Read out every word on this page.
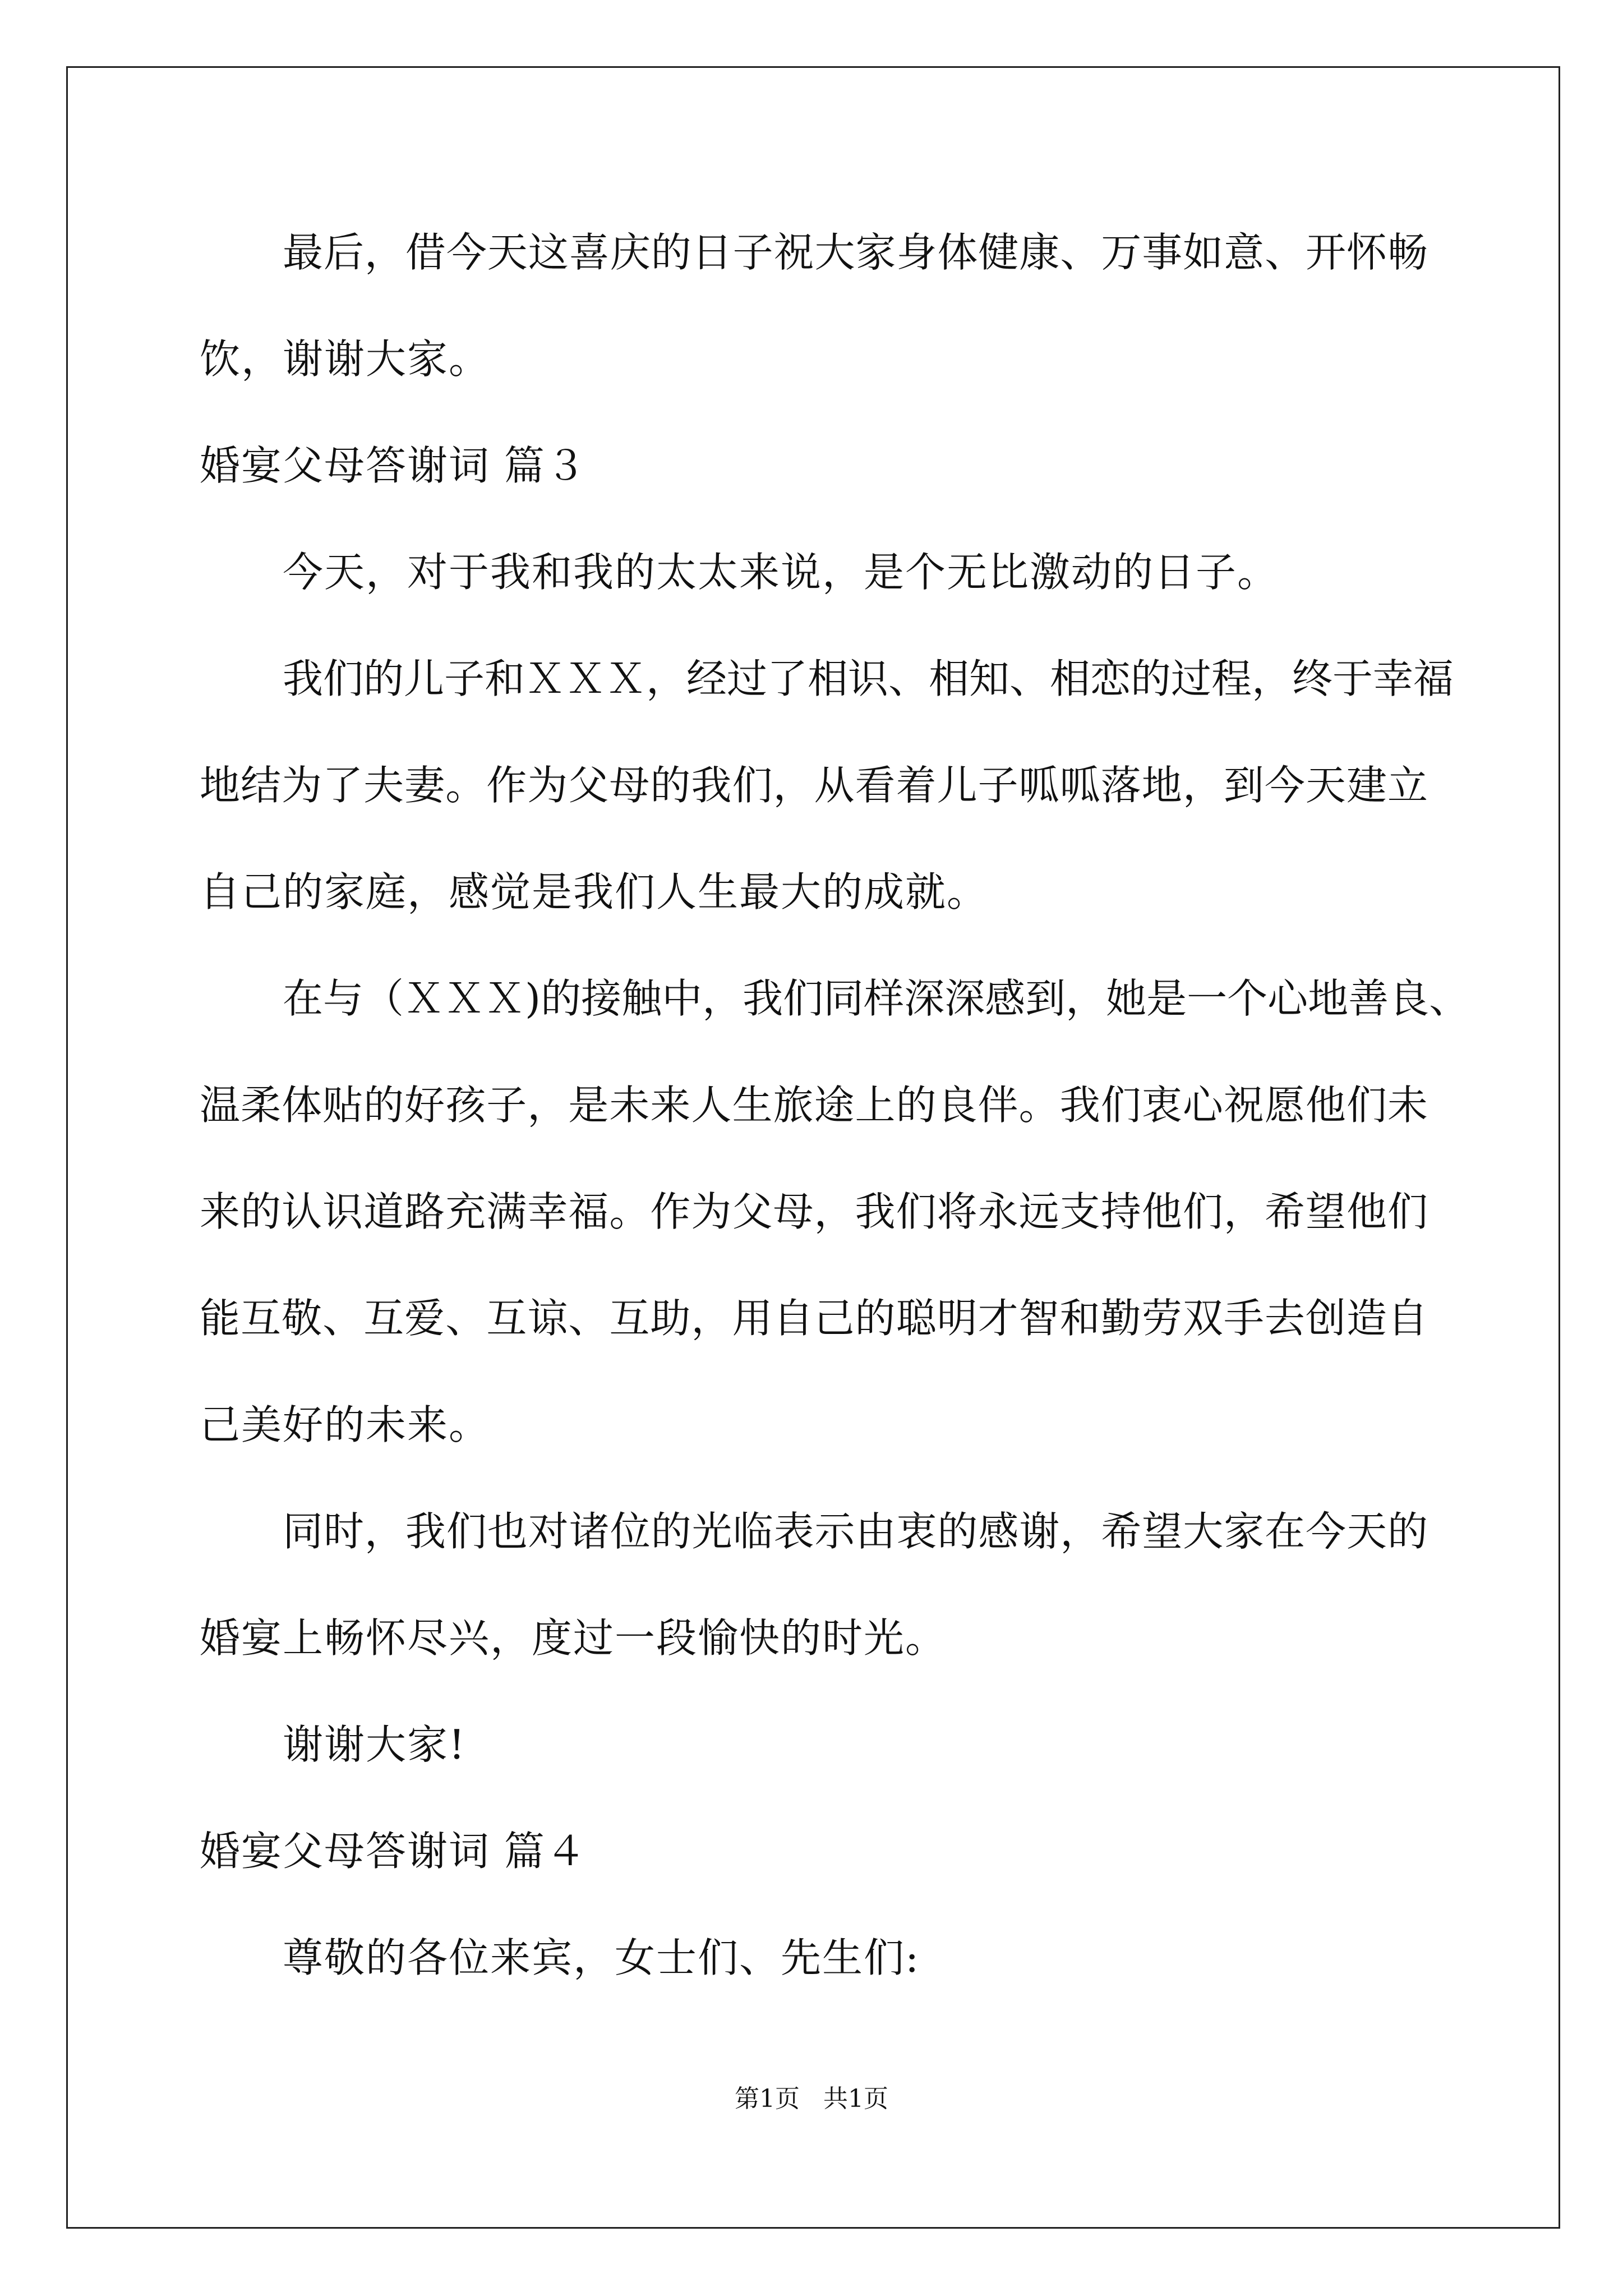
最后，借今天这喜庆的日子祝大家身体健康、万事如意、开怀畅
饮，谢谢大家。
婚宴父母答谢词 篇３
今天，对于我和我的太太来说，是个无比激动的日子。
我们的儿子和ＸＸＸ，经过了相识、相知、相恋的过程，终于幸福
地结为了夫妻。作为父母的我们，从看着儿子呱呱落地，到今天建立
自己的家庭，感觉是我们人生最大的成就。
在与（ＸＸＸ)的接触中，我们同样深深感到，她是一个心地善良、
温柔体贴的好孩子，是未来人生旅途上的良伴。我们衷心祝愿他们未
来的认识道路充满幸福。作为父母，我们将永远支持他们，希望他们
能互敬、互爱、互谅、互助，用自己的聪明才智和勤劳双手去创造自
己美好的未来。
同时，我们也对诸位的光临表示由衷的感谢，希望大家在今天的
婚宴上畅怀尽兴，度过一段愉快的时光。
谢谢大家!
婚宴父母答谢词 篇４
尊敬的各位来宾，女士们、先生们:
第1页   共1页
